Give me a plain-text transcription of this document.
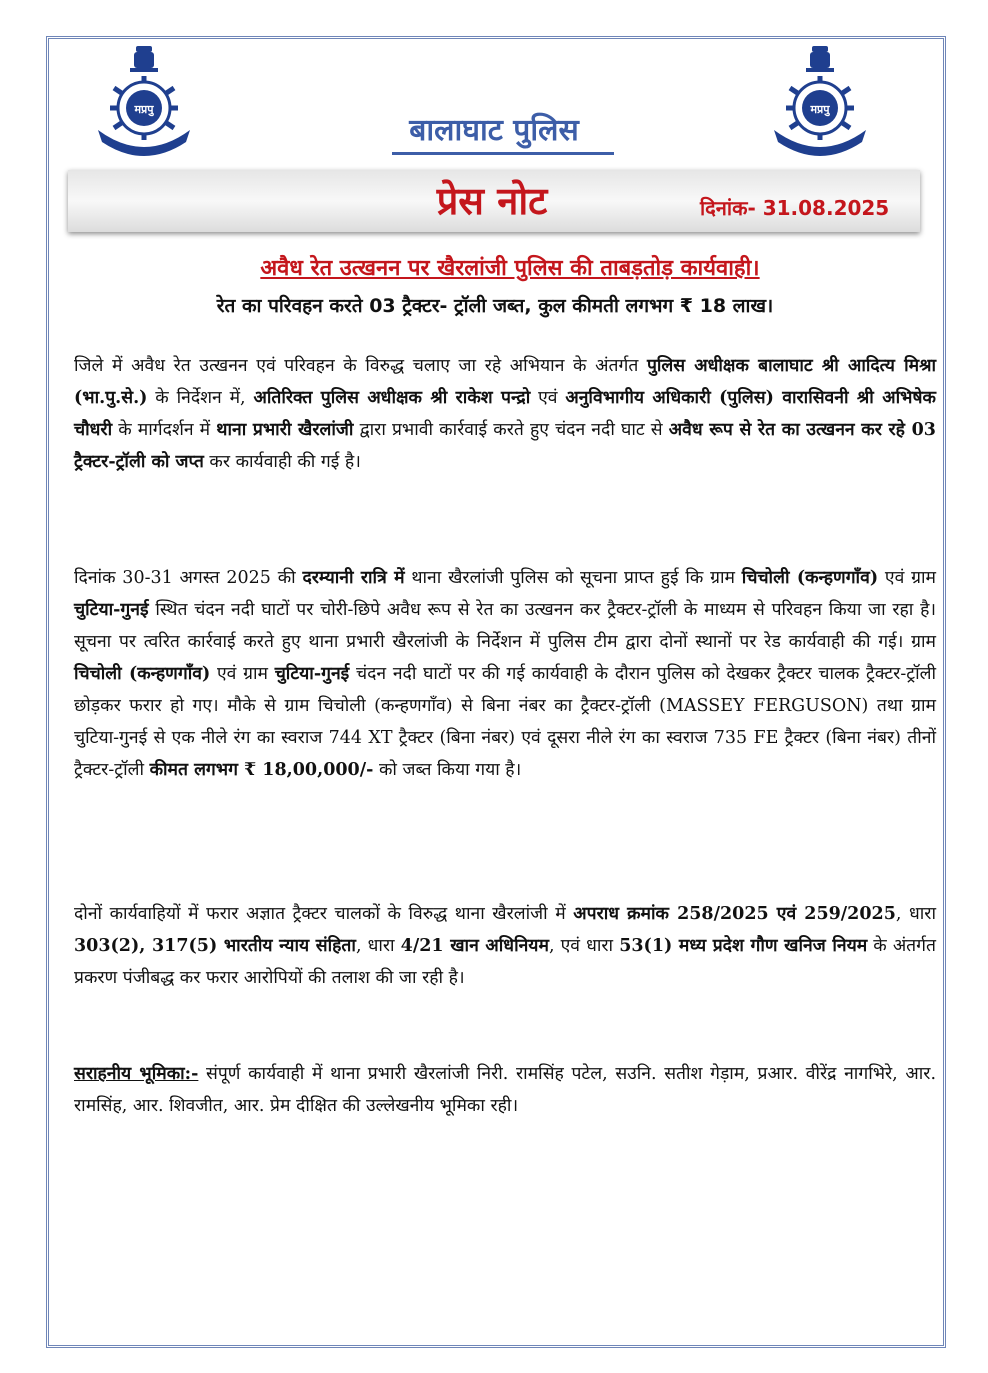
मप्रपु	मप्रपु
बालाघाट पुलिस
प्रेस नोट	दिनांक- 31.08.2025
अवैध रेत उत्खनन पर खैरलांजी पुलिस की ताबड़तोड़ कार्यवाही।
रेत का परिवहन करते 03 ट्रैक्टर- ट्रॉली जब्त, कुल कीमती लगभग ₹ 18 लाख।
जिले में अवैध रेत उत्खनन एवं परिवहन के विरुद्ध चलाए जा रहे अभियान के अंतर्गत पुलिस अधीक्षक बालाघाट श्री आदित्य मिश्रा (भा.पु.से.) के निर्देशन में, अतिरिक्त पुलिस अधीक्षक श्री राकेश पन्द्रो एवं अनुविभागीय अधिकारी (पुलिस) वारासिवनी श्री अभिषेक चौधरी के मार्गदर्शन में थाना प्रभारी खैरलांजी द्वारा प्रभावी कार्रवाई करते हुए चंदन नदी घाट से अवैध रूप से रेत का उत्खनन कर रहे 03 ट्रैक्टर-ट्रॉली को जप्त कर कार्यवाही की गई है।
दिनांक 30-31 अगस्त 2025 की दरम्यानी रात्रि में थाना खैरलांजी पुलिस को सूचना प्राप्त हुई कि ग्राम चिचोली (कन्हणगाँव) एवं ग्राम चुटिया-गुनई स्थित चंदन नदी घाटों पर चोरी-छिपे अवैध रूप से रेत का उत्खनन कर ट्रैक्टर-ट्रॉली के माध्यम से परिवहन किया जा रहा है। सूचना पर त्वरित कार्रवाई करते हुए थाना प्रभारी खैरलांजी के निर्देशन में पुलिस टीम द्वारा दोनों स्थानों पर रेड कार्यवाही की गई। ग्राम चिचोली (कन्हणगाँव) एवं ग्राम चुटिया-गुनई चंदन नदी घाटों पर की गई कार्यवाही के दौरान पुलिस को देखकर ट्रैक्टर चालक ट्रैक्टर-ट्रॉली छोड़कर फरार हो गए। मौके से ग्राम चिचोली (कन्हणगाँव) से बिना नंबर का ट्रैक्टर-ट्रॉली (MASSEY FERGUSON) तथा ग्राम चुटिया-गुनई से एक नीले रंग का स्वराज 744 XT ट्रैक्टर (बिना नंबर) एवं दूसरा नीले रंग का स्वराज 735 FE ट्रैक्टर (बिना नंबर) तीनों ट्रैक्टर-ट्रॉली कीमत लगभग ₹ 18,00,000/- को जब्त किया गया है।
दोनों कार्यवाहियों में फरार अज्ञात ट्रैक्टर चालकों के विरुद्ध थाना खैरलांजी में अपराध क्रमांक 258/2025 एवं 259/2025, धारा 303(2), 317(5) भारतीय न्याय संहिता, धारा 4/21 खान अधिनियम, एवं धारा 53(1) मध्य प्रदेश गौण खनिज नियम के अंतर्गत प्रकरण पंजीबद्ध कर फरार आरोपियों की तलाश की जा रही है।
सराहनीय भूमिका:- संपूर्ण कार्यवाही में थाना प्रभारी खैरलांजी निरी. रामसिंह पटेल, सउनि. सतीश गेड़ाम, प्रआर. वीरेंद्र नागभिरे, आर. रामसिंह, आर. शिवजीत, आर. प्रेम दीक्षित की उल्लेखनीय भूमिका रही।
